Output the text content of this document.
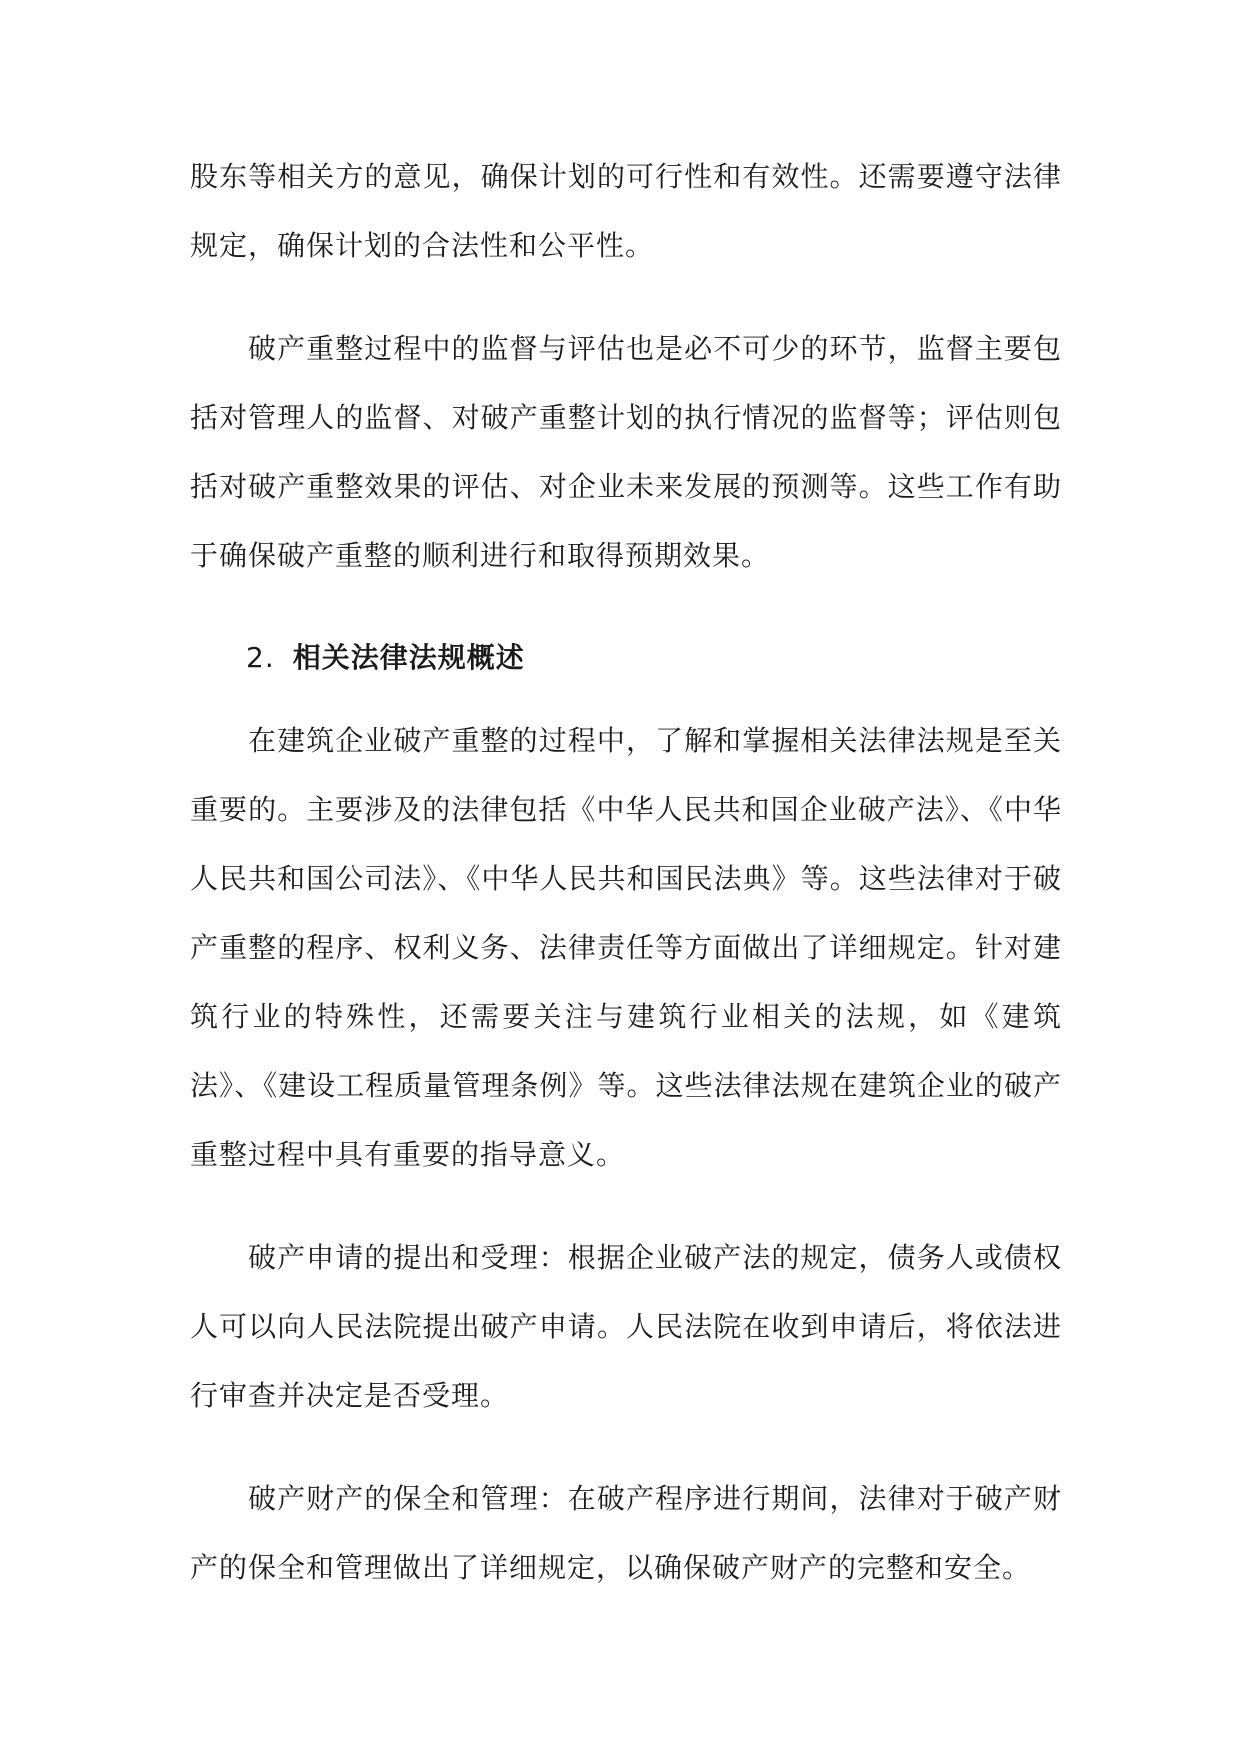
股东等相关方的意见，确保计划的可行性和有效性。还需要遵守法律规定，确保计划的合法性和公平性。

破产重整过程中的监督与评估也是必不可少的环节，监督主要包括对管理人的监督、对破产重整计划的执行情况的监督等；评估则包括对破产重整效果的评估、对企业未来发展的预测等。这些工作有助于确保破产重整的顺利进行和取得预期效果。

2. 相关法律法规概述

在建筑企业破产重整的过程中，了解和掌握相关法律法规是至关重要的。主要涉及的法律包括《中华人民共和国企业破产法》、《中华人民共和国公司法》、《中华人民共和国民法典》等。这些法律对于破产重整的程序、权利义务、法律责任等方面做出了详细规定。针对建筑行业的特殊性，还需要关注与建筑行业相关的法规，如《建筑法》、《建设工程质量管理条例》等。这些法律法规在建筑企业的破产重整过程中具有重要的指导意义。

破产申请的提出和受理：根据企业破产法的规定，债务人或债权人可以向人民法院提出破产申请。人民法院在收到申请后，将依法进行审查并决定是否受理。

破产财产的保全和管理：在破产程序进行期间，法律对于破产财产的保全和管理做出了详细规定，以确保破产财产的完整和安全。
